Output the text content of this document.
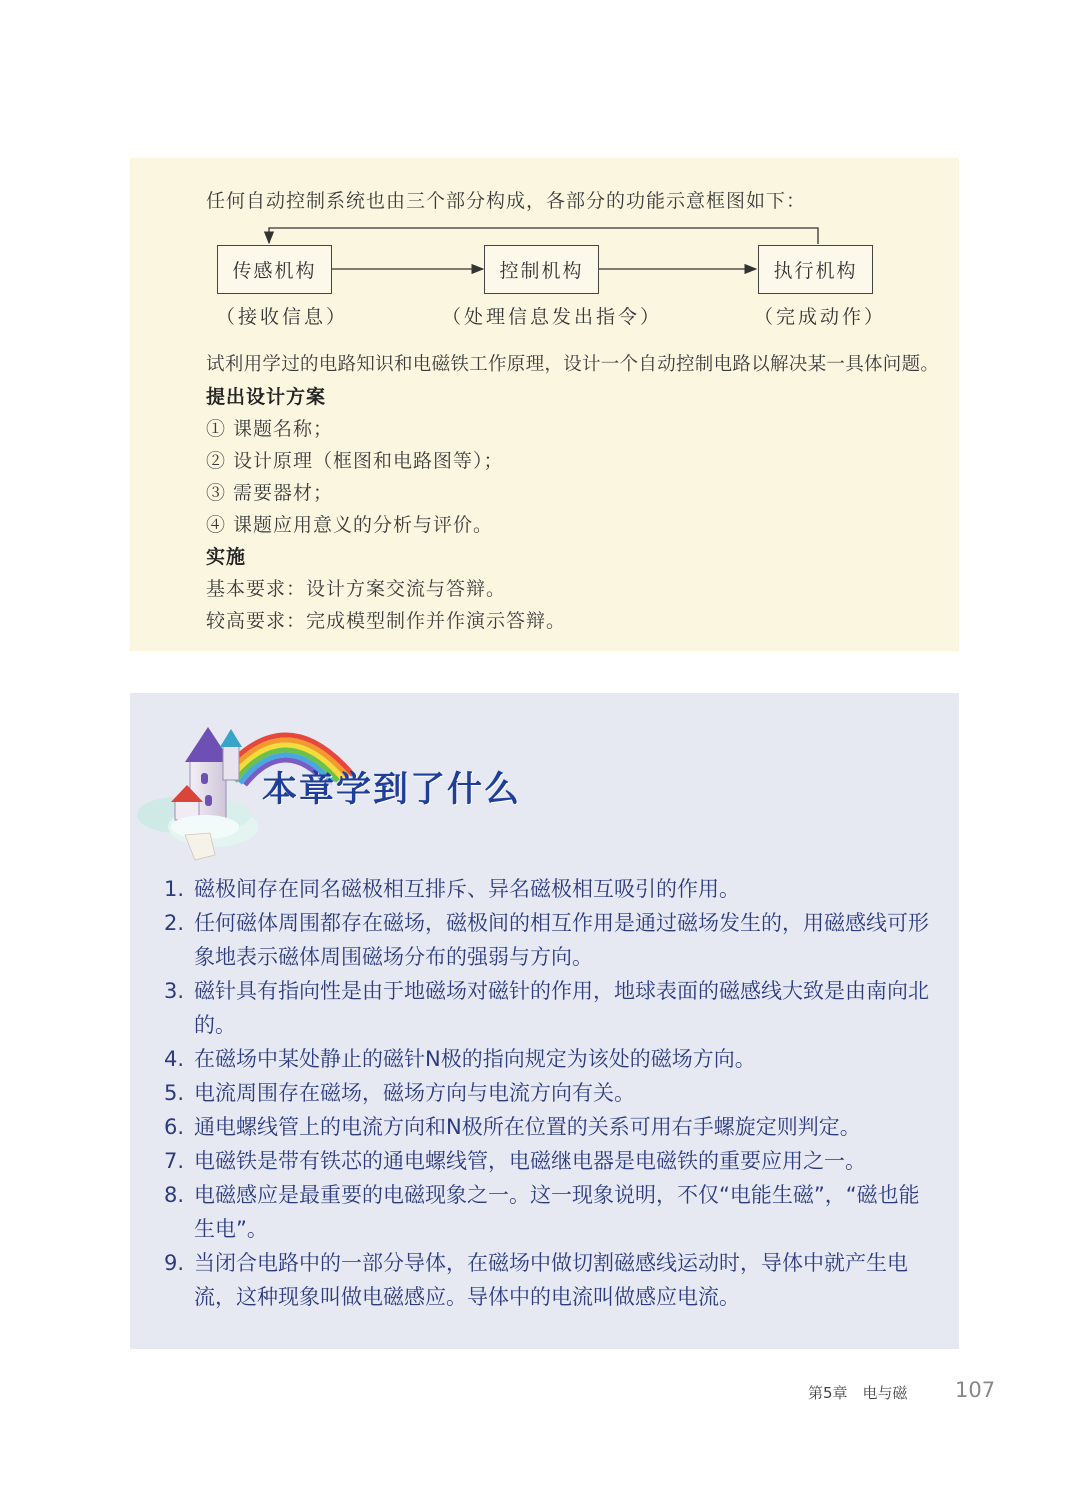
任何自动控制系统也由三个部分构成，各部分的功能示意框图如下：
传感机构	控制机构	执行机构
（接收信息）	（处理信息发出指令）	（完成动作）
试利用学过的电路知识和电磁铁工作原理，设计一个自动控制电路以解决某一具体问题。
提出设计方案
① 课题名称；
② 设计原理（框图和电路图等）；
③ 需要器材；
④ 课题应用意义的分析与评价。
实施
基本要求：设计方案交流与答辩。
较高要求：完成模型制作并作演示答辩。
本章学到了什么
1. 磁极间存在同名磁极相互排斥、异名磁极相互吸引的作用。
2. 任何磁体周围都存在磁场，磁极间的相互作用是通过磁场发生的，用磁感线可形象地表示磁体周围磁场分布的强弱与方向。
3. 磁针具有指向性是由于地磁场对磁针的作用，地球表面的磁感线大致是由南向北的。
4. 在磁场中某处静止的磁针N极的指向规定为该处的磁场方向。
5. 电流周围存在磁场，磁场方向与电流方向有关。
6. 通电螺线管上的电流方向和N极所在位置的关系可用右手螺旋定则判定。
7. 电磁铁是带有铁芯的通电螺线管，电磁继电器是电磁铁的重要应用之一。
8. 电磁感应是最重要的电磁现象之一。这一现象说明，不仅“电能生磁”，“磁也能生电”。
9. 当闭合电路中的一部分导体，在磁场中做切割磁感线运动时，导体中就产生电流，这种现象叫做电磁感应。导体中的电流叫做感应电流。
第5章　电与磁 107
